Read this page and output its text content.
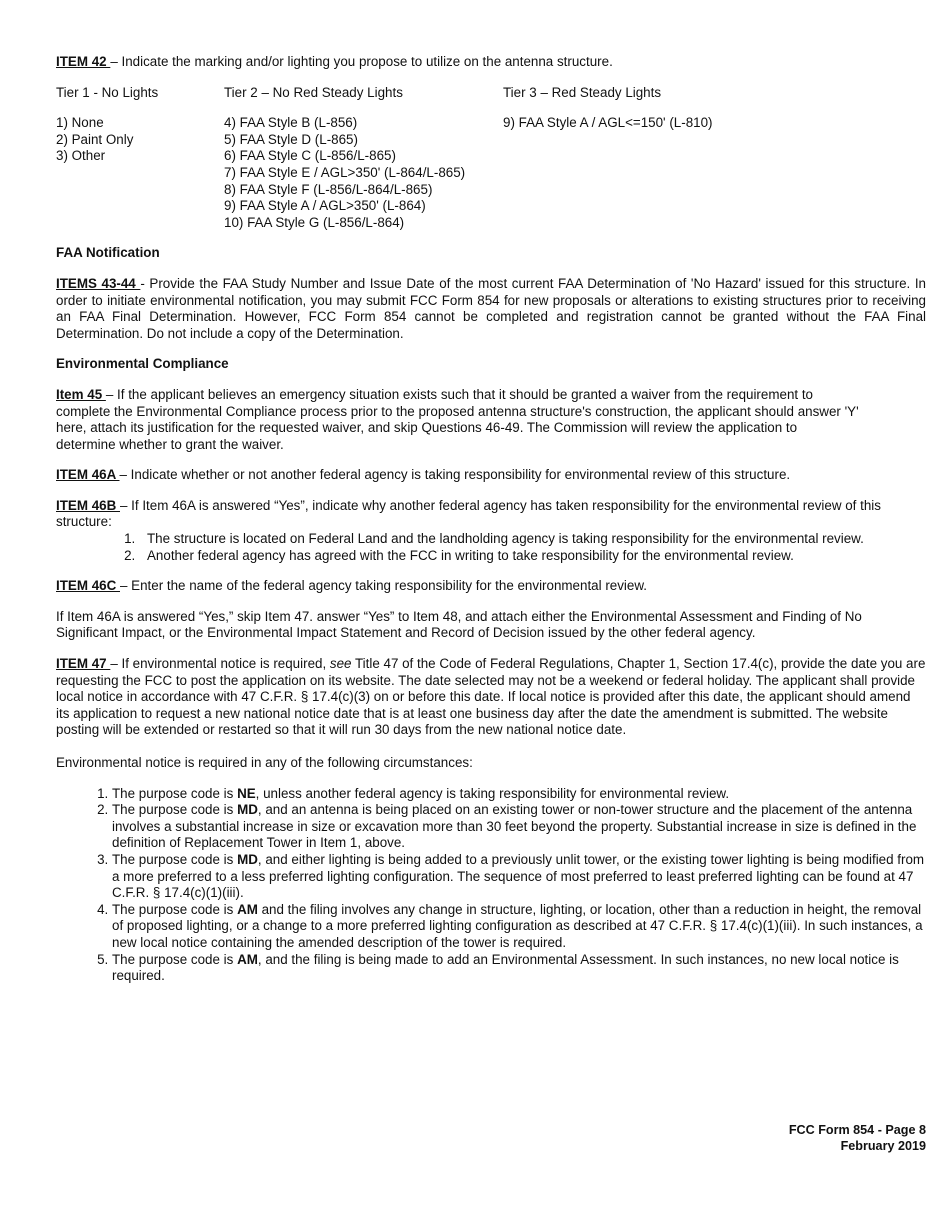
ITEM 42 – Indicate the marking and/or lighting you propose to utilize on the antenna structure.

Tier 1 - No Lights
1) None
2) Paint Only
3) Other
Tier 2 – No Red Steady Lights
4) FAA Style B (L-856)
5) FAA Style D (L-865)
6) FAA Style C (L-856/L-865)
7) FAA Style E / AGL>350' (L-864/L-865)
8) FAA Style F (L-856/L-864/L-865)
9) FAA Style A / AGL>350' (L-864)
10) FAA Style G (L-856/L-864)
Tier 3 – Red Steady Lights
9) FAA Style A / AGL<=150' (L-810)

FAA Notification

ITEMS 43-44 - Provide the FAA Study Number and Issue Date of the most current FAA Determination of 'No Hazard' issued for this structure. In order to initiate environmental notification, you may submit FCC Form 854 for new proposals or alterations to existing structures prior to receiving an FAA Final Determination. However, FCC Form 854 cannot be completed and registration cannot be granted without the FAA Final Determination. Do not include a copy of the Determination.

Environmental Compliance

Item 45 – If the applicant believes an emergency situation exists such that it should be granted a waiver from the requirement to
complete the Environmental Compliance process prior to the proposed antenna structure's construction, the applicant should answer 'Y'
here, attach its justification for the requested waiver, and skip Questions 46-49. The Commission will review the application to
determine whether to grant the waiver.

ITEM 46A – Indicate whether or not another federal agency is taking responsibility for environmental review of this structure.

ITEM 46B – If Item 46A is answered “Yes”, indicate why another federal agency has taken responsibility for the environmental review of this structure:

1. The structure is located on Federal Land and the landholding agency is taking responsibility for the environmental review.
2. Another federal agency has agreed with the FCC in writing to take responsibility for the environmental review.

ITEM 46C – Enter the name of the federal agency taking responsibility for the environmental review.

If Item 46A is answered “Yes,” skip Item 47. answer “Yes” to Item 48, and attach either the Environmental Assessment and Finding of No Significant Impact, or the Environmental Impact Statement and Record of Decision issued by the other federal agency.

ITEM 47 – If environmental notice is required, see Title 47 of the Code of Federal Regulations, Chapter 1, Section 17.4(c), provide the date you are requesting the FCC to post the application on its website. The date selected may not be a weekend or federal holiday. The applicant shall provide local notice in accordance with 47 C.F.R. § 17.4(c)(3) on or before this date. If local notice is provided after this date, the applicant should amend its application to request a new national notice date that is at least one business day after the date the amendment is submitted. The website posting will be extended or restarted so that it will run 30 days from the new national notice date.

Environmental notice is required in any of the following circumstances:

1. The purpose code is NE, unless another federal agency is taking responsibility for environmental review.
2. The purpose code is MD, and an antenna is being placed on an existing tower or non-tower structure and the placement of the antenna involves a substantial increase in size or excavation more than 30 feet beyond the property. Substantial increase in size is defined in the definition of Replacement Tower in Item 1, above.
3. The purpose code is MD, and either lighting is being added to a previously unlit tower, or the existing tower lighting is being modified from a more preferred to a less preferred lighting configuration. The sequence of most preferred to least preferred lighting can be found at 47 C.F.R. § 17.4(c)(1)(iii).
4. The purpose code is AM and the filing involves any change in structure, lighting, or location, other than a reduction in height, the removal of proposed lighting, or a change to a more preferred lighting configuration as described at 47 C.F.R. § 17.4(c)(1)(iii). In such instances, a new local notice containing the amended description of the tower is required.
5. The purpose code is AM, and the filing is being made to add an Environmental Assessment. In such instances, no new local notice is required.
FCC Form 854 - Page 8
February 2019
